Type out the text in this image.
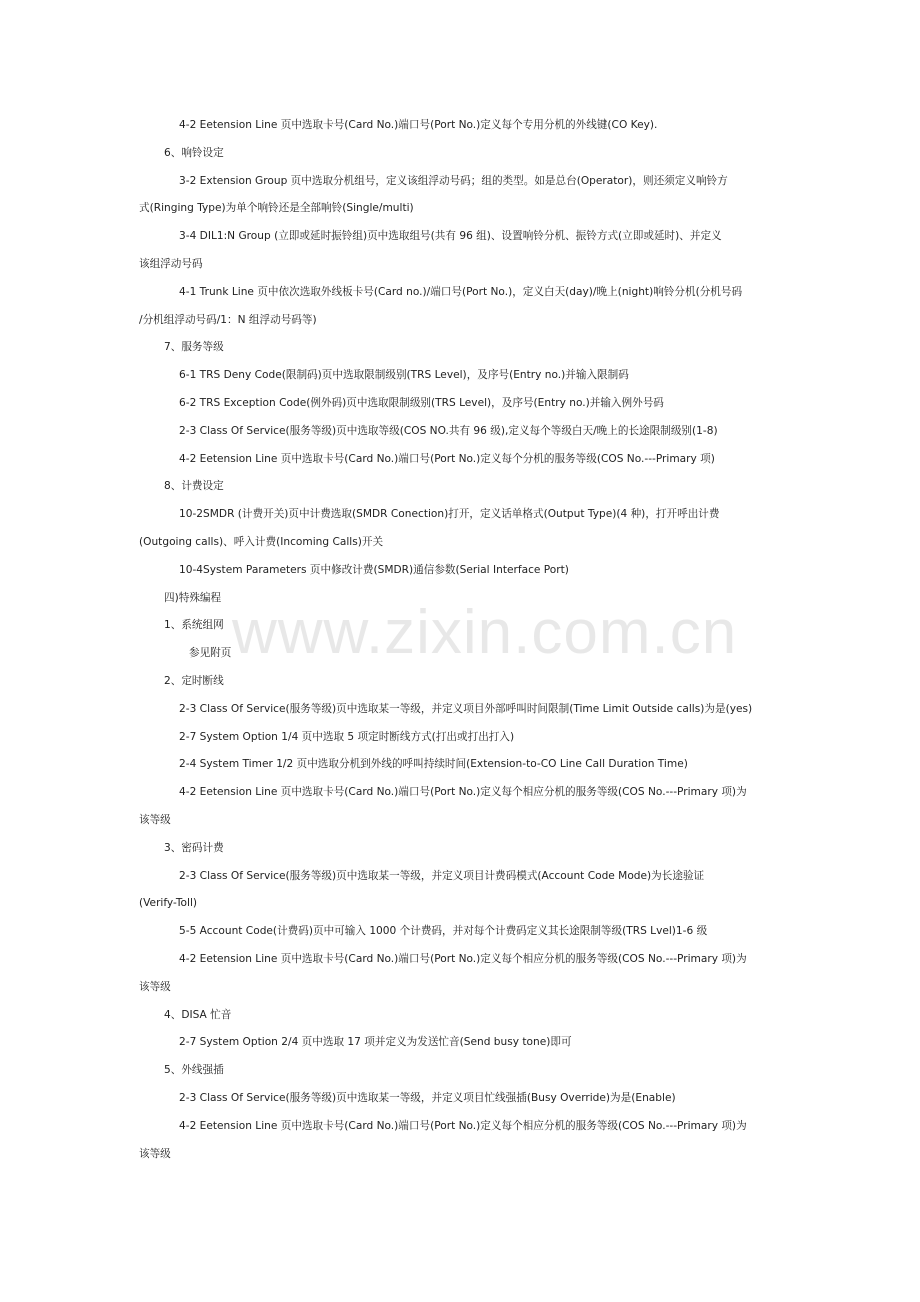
www.zixin.com.cn
4-2 Eetension Line 页中选取卡号(Card No.)端口号(Port No.)定义每个专用分机的外线键(CO Key).
6、响铃设定
3-2 Extension Group 页中选取分机组号，定义该组浮动号码；组的类型。如是总台(Operator)，则还须定义响铃方
式(Ringing Type)为单个响铃还是全部响铃(Single/multi)
3-4 DIL1:N Group (立即或延时振铃组)页中选取组号(共有 96 组)、设置响铃分机、振铃方式(立即或延时)、并定义
该组浮动号码
4-1 Trunk Line 页中依次选取外线板卡号(Card no.)/端口号(Port No.)，定义白天(day)/晚上(night)响铃分机(分机号码
/分机组浮动号码/1：N 组浮动号码等)
7、服务等级
6-1 TRS Deny Code(限制码)页中选取限制级别(TRS Level)，及序号(Entry no.)并输入限制码
6-2 TRS Exception Code(例外码)页中选取限制级别(TRS Level)，及序号(Entry no.)并输入例外号码
2-3 Class Of Service(服务等级)页中选取等级(COS NO.共有 96 级),定义每个等级白天/晚上的长途限制级别(1-8)
4-2 Eetension Line 页中选取卡号(Card No.)端口号(Port No.)定义每个分机的服务等级(COS No.---Primary 项)
8、计费设定
10-2SMDR (计费开关)页中计费选取(SMDR Conection)打开，定义话单格式(Output Type)(4 种)，打开呼出计费
(Outgoing calls)、呼入计费(Incoming Calls)开关
10-4System Parameters 页中修改计费(SMDR)通信参数(Serial Interface Port)
四)特殊编程
1、系统组网
参见附页
2、定时断线
2-3 Class Of Service(服务等级)页中选取某一等级，并定义项目外部呼叫时间限制(Time Limit Outside calls)为是(yes)
2-7 System Option 1/4 页中选取 5 项定时断线方式(打出或打出打入)
2-4 System Timer 1/2 页中选取分机到外线的呼叫持续时间(Extension-to-CO Line Call Duration Time)
4-2 Eetension Line 页中选取卡号(Card No.)端口号(Port No.)定义每个相应分机的服务等级(COS No.---Primary 项)为
该等级
3、密码计费
2-3 Class Of Service(服务等级)页中选取某一等级，并定义项目计费码模式(Account Code Mode)为长途验证
(Verify-Toll)
5-5 Account Code(计费码)页中可输入 1000 个计费码，并对每个计费码定义其长途限制等级(TRS Lvel)1-6 级
4-2 Eetension Line 页中选取卡号(Card No.)端口号(Port No.)定义每个相应分机的服务等级(COS No.---Primary 项)为
该等级
4、DISA 忙音
2-7 System Option 2/4 页中选取 17 项并定义为发送忙音(Send busy tone)即可
5、外线强插
2-3 Class Of Service(服务等级)页中选取某一等级，并定义项目忙线强插(Busy Override)为是(Enable)
4-2 Eetension Line 页中选取卡号(Card No.)端口号(Port No.)定义每个相应分机的服务等级(COS No.---Primary 项)为
该等级
